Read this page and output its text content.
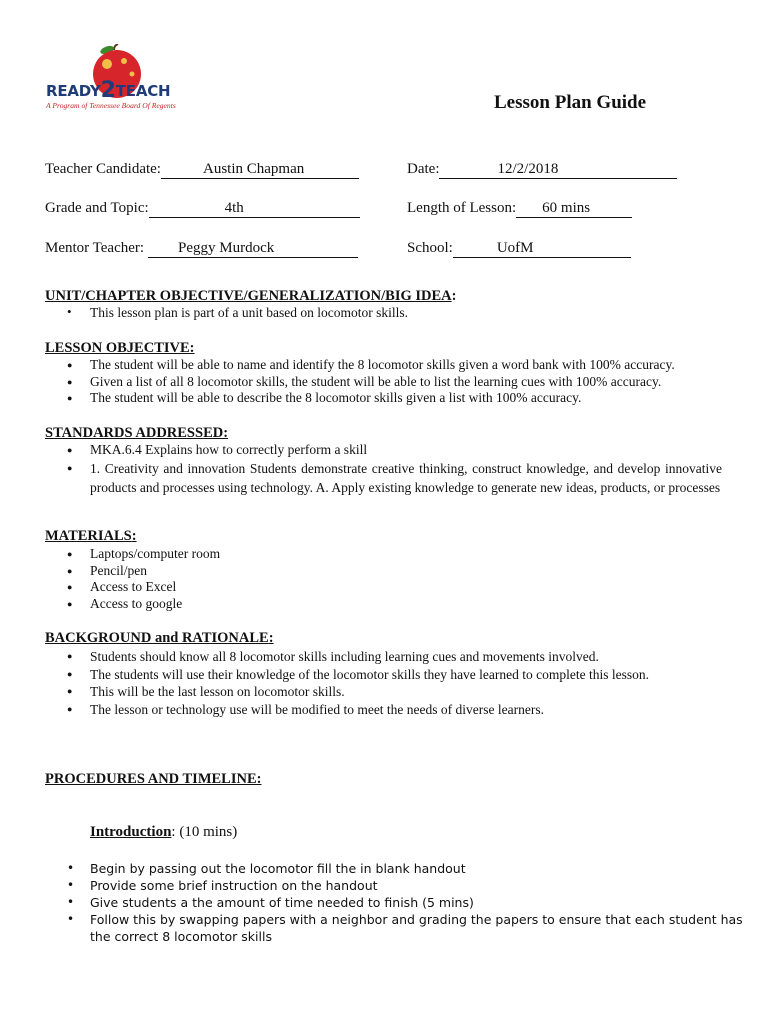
READY2TEACH
A Program of Tennessee Board Of Regents	Lesson Plan Guide
Teacher Candidate:	Austin Chapman	Date:	12/2/2018
Grade and Topic:	4th	Length of Lesson: 60 mins
Mentor Teacher: Peggy Murdock	School:	UofM
UNIT/CHAPTER OBJECTIVE/GENERALIZATION/BIG IDEA:
• This lesson plan is part of a unit based on locomotor skills.
LESSON OBJECTIVE:
● The student will be able to name and identify the 8 locomotor skills given a word bank with 100% accuracy.
● Given a list of all 8 locomotor skills, the student will be able to list the learning cues with 100% accuracy.
● The student will be able to describe the 8 locomotor skills given a list with 100% accuracy.
STANDARDS ADDRESSED:
● MKA.6.4 Explains how to correctly perform a skill
● 1. Creativity and innovation Students demonstrate creative thinking, construct knowledge, and develop innovative products and processes using technology. A. Apply existing knowledge to generate new ideas, products, or processes
MATERIALS:
● Laptops/computer room
● Pencil/pen
● Access to Excel
● Access to google
BACKGROUND and RATIONALE:
● Students should know all 8 locomotor skills including learning cues and movements involved.
● The students will use their knowledge of the locomotor skills they have learned to complete this lesson.
● This will be the last lesson on locomotor skills.
● The lesson or technology use will be modified to meet the needs of diverse learners.
PROCEDURES AND TIMELINE:
Introduction: (10 mins)
• Begin by passing out the locomotor fill the in blank handout
• Provide some brief instruction on the handout
• Give students a the amount of time needed to finish (5 mins)
• Follow this by swapping papers with a neighbor and grading the papers to ensure that each student has the correct 8 locomotor skills
